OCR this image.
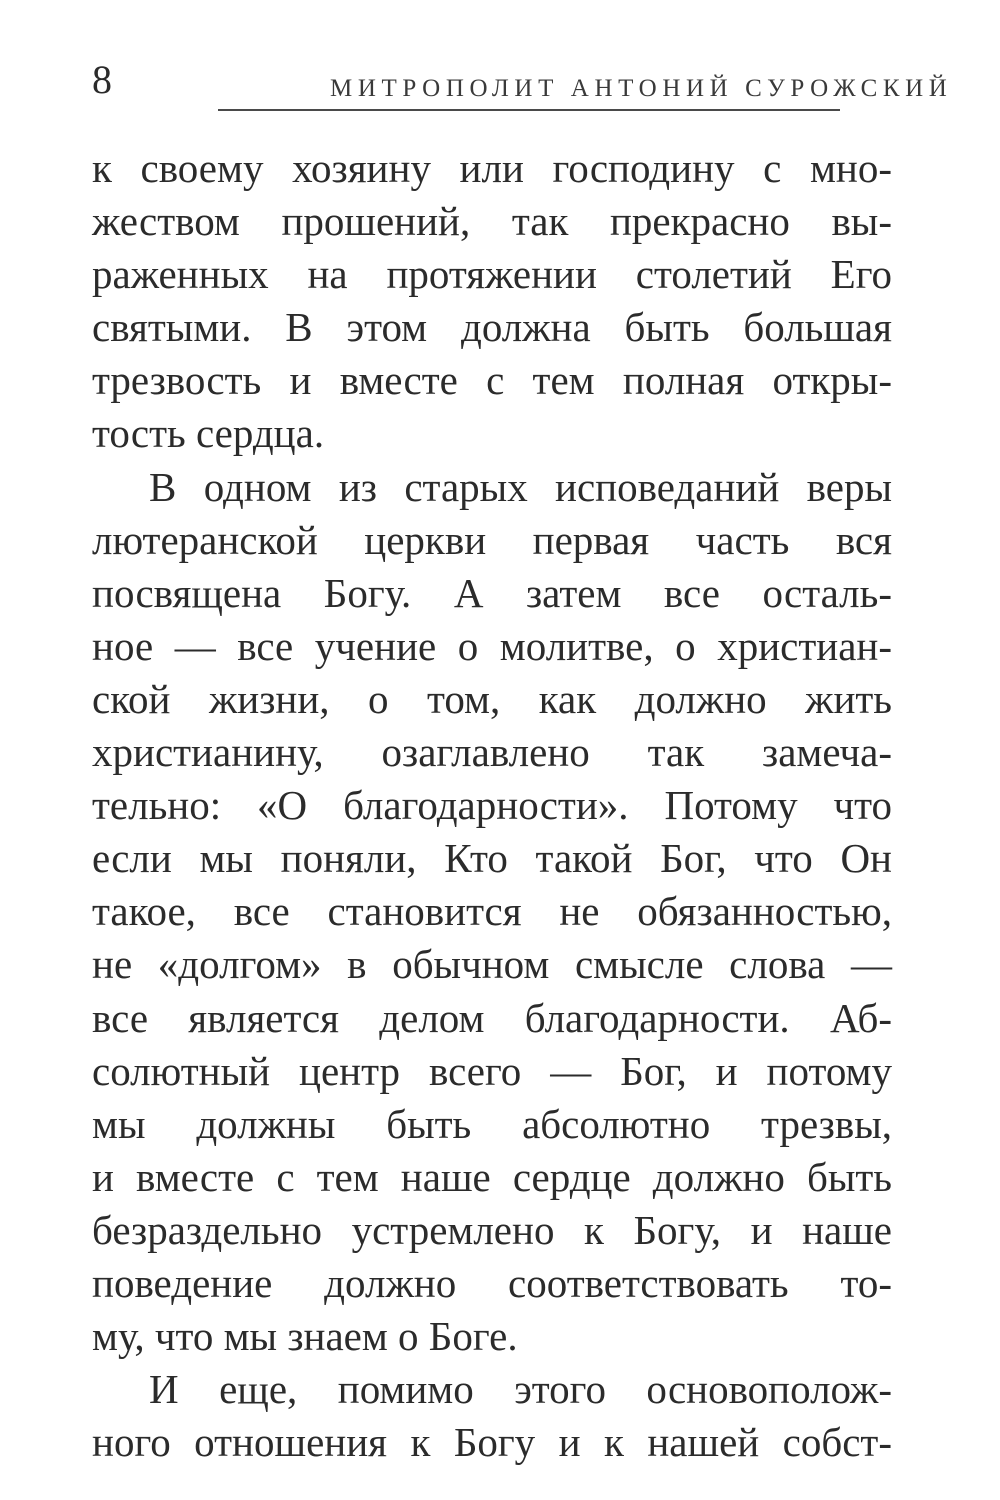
8	МИТРОПОЛИТ АНТОНИЙ СУРОЖСКИЙ
к своему хозяину или господину с мно-
жеством прошений, так прекрасно вы-
раженных на протяжении столетий Его
святыми. В этом должна быть большая
трезвость и вместе с тем полная откры-
тость сердца.
В одном из старых исповеданий веры
лютеранской церкви первая часть вся
посвящена Богу. А затем все осталь-
ное — все учение о молитве, о христиан-
ской жизни, о том, как должно жить
христианину, озаглавлено так замеча-
тельно: «О благодарности». Потому что
если мы поняли, Кто такой Бог, что Он
такое, все становится не обязанностью,
не «долгом» в обычном смысле слова —
все является делом благодарности. Аб-
солютный центр всего — Бог, и потому
мы должны быть абсолютно трезвы,
и вместе с тем наше сердце должно быть
безраздельно устремлено к Богу, и наше
поведение должно соответствовать то-
му, что мы знаем о Боге.
И еще, помимо этого основополож-
ного отношения к Богу и к нашей собст-
